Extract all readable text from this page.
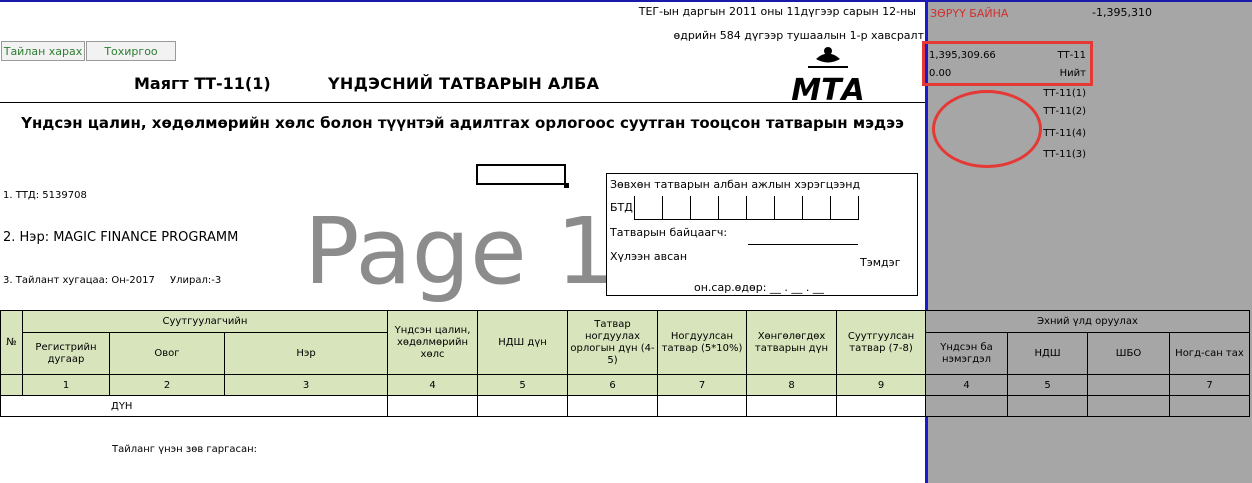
Тайлан харах	Тохиргоо
ТЕГ-ын даргын 2011 оны 11дүгээр сарын 12-ны
өдрийн 584 дүгээр тушаалын 1-р хавсралт
Маягт ТТ-11(1)	ҮНДЭСНИЙ ТАТВАРЫН АЛБА	МТА
Үндсэн цалин, хөдөлмөрийн хөлс болон түүнтэй адилтгах орлогоос суутган тооцсон татварын мэдээ
1. ТТД: 5139708
2. Нэр: MAGIC FINANCE PROGRAMM
3. Тайлант хугацаа: Он-2017 Улирал:-3 Page 1
Зөвхөн татварын албан ажлын хэрэгцээнд
БТД
Татварын байцаагч:
Хүлээн авсан	Тэмдэг
он.сар.өдөр: __ . __ . __
ЗӨРҮҮ БАЙНА	-1,395,310
1,395,309.66	ТТ-11
0.00	Нийт
ТТ-11(1)
ТТ-11(2)
ТТ-11(4)
ТТ-11(3)
№	Суутгуулагчийн			Үндсэн цалин, хөдөлмөрийн хөлс	НДШ дүн	Татвар ногдуулах орлогын дүн (4-5)	Ногдуулсан татвар (5*10%)	Хөнгөлөгдөх татварын дүн	Суутгуулсан татвар (7-8)	Эхний үлд оруулах			
	Регистрийн дугаар	Овог	Нэр							Үндсэн ба нэмэгдэл	НДШ	ШБО	Ногд-сан тах
	1	2	3	4	5	6	7	8	9	4	5		7
ДҮН													
Тайланг үнэн зөв гаргасан:
